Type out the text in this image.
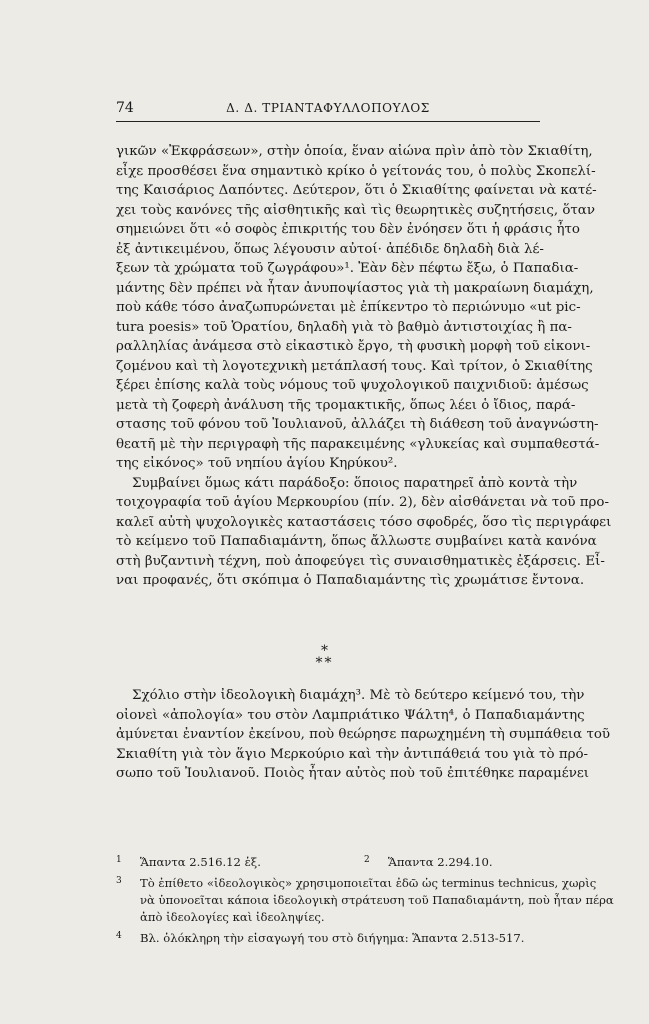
74	Δ. Δ. ΤΡΙΑΝΤΑΦΥΛΛΟΠΟΥΛΟΣ
γικῶν «Ἐκφράσεων», στὴν ὁποία, ἕναν αἰώνα πρὶν ἀπὸ τὸν Σκιαθίτη,
εἶχε προσθέσει ἕνα σημαντικὸ κρίκο ὁ γείτονάς του, ὁ πολὺς Σκοπελί-
της Καισάριος Δαπόντες. Δεύτερον, ὅτι ὁ Σκιαθίτης φαίνεται νὰ κατέ-
χει τοὺς κανόνες τῆς αἰσθητικῆς καὶ τὶς θεωρητικὲς συζητήσεις, ὅταν
σημειώνει ὅτι «ὁ σοφὸς ἐπικριτής του δὲν ἐνόησεν ὅτι ἡ φράσις ἦτο
ἐξ ἀντικειμένου, ὅπως λέγουσιν αὐτοί· ἀπέδιδε δηλαδὴ διὰ λέ-
ξεων τὰ χρώματα τοῦ ζωγράφου»¹. Ἐὰν δὲν πέφτω ἔξω, ὁ Παπαδια-
μάντης δὲν πρέπει νὰ ἦταν ἀνυποψίαστος γιὰ τὴ μακραίωνη διαμάχη,
ποὺ κάθε τόσο ἀναζωπυρώνεται μὲ ἐπίκεντρο τὸ περιώνυμο «ut pic-
tura poesis» τοῦ Ὁρατίου, δηλαδὴ γιὰ τὸ βαθμὸ ἀντιστοιχίας ἢ πα-
ραλληλίας ἀνάμεσα στὸ εἰκαστικὸ ἔργο, τὴ φυσικὴ μορφὴ τοῦ εἰκονι-
ζομένου καὶ τὴ λογοτεχνικὴ μετάπλασή τους. Καὶ τρίτον, ὁ Σκιαθίτης
ξέρει ἐπίσης καλὰ τοὺς νόμους τοῦ ψυχολογικοῦ παιχνιδιοῦ: ἀμέσως
μετὰ τὴ ζοφερὴ ἀνάλυση τῆς τρομακτικῆς, ὅπως λέει ὁ ἴδιος, παρά-
στασης τοῦ φόνου τοῦ Ἰουλιανοῦ, ἀλλάζει τὴ διάθεση τοῦ ἀναγνώστη-
θεατῆ μὲ τὴν περιγραφὴ τῆς παρακειμένης «γλυκείας καὶ συμπαθεστά-
της εἰκόνος» τοῦ νηπίου ἁγίου Κηρύκου².
Συμβαίνει ὅμως κάτι παράδοξο: ὅποιος παρατηρεῖ ἀπὸ κοντὰ τὴν
τοιχογραφία τοῦ ἁγίου Μερκουρίου (πίν. 2), δὲν αἰσθάνεται νὰ τοῦ προ-
καλεῖ αὐτὴ ψυχολογικὲς καταστάσεις τόσο σφοδρές, ὅσο τὶς περιγράφει
τὸ κείμενο τοῦ Παπαδιαμάντη, ὅπως ἄλλωστε συμβαίνει κατὰ κανόνα
στὴ βυζαντινὴ τέχνη, ποὺ ἀποφεύγει τὶς συναισθηματικὲς ἐξάρσεις. Εἶ-
ναι προφανές, ὅτι σκόπιμα ὁ Παπαδιαμάντης τὶς χρωμάτισε ἔντονα.
*
**
Σχόλιο στὴν ἰδεολογικὴ διαμάχη³. Μὲ τὸ δεύτερο κείμενό του, τὴν
οἰονεὶ «ἀπολογία» του στὸν Λαμπριάτικο Ψάλτη⁴, ὁ Παπαδιαμάντης
ἀμύνεται ἐναντίον ἐκείνου, ποὺ θεώρησε παρωχημένη τὴ συμπάθεια τοῦ
Σκιαθίτη γιὰ τὸν ἅγιο Μερκούριο καὶ τὴν ἀντιπάθειά του γιὰ τὸ πρό-
σωπο τοῦ Ἰουλιανοῦ. Ποιὸς ἦταν αὐτὸς ποὺ τοῦ ἐπιτέθηκε παραμένει
1 Ἅπαντα 2.516.12 ἑξ.	2 Ἅπαντα 2.294.10.
3 Τὸ ἐπίθετο «ἰδεολογικὸς» χρησιμοποιεῖται ἐδῶ ὡς terminus technicus, χωρὶς
νὰ ὑπονοεῖται κάποια ἰδεολογικὴ στράτευση τοῦ Παπαδιαμάντη, ποὺ ἦταν πέρα
ἀπὸ ἰδεολογίες καὶ ἰδεοληψίες.
4 Βλ. ὁλόκληρη τὴν εἰσαγωγή του στὸ διήγημα: Ἅπαντα 2.513-517.
